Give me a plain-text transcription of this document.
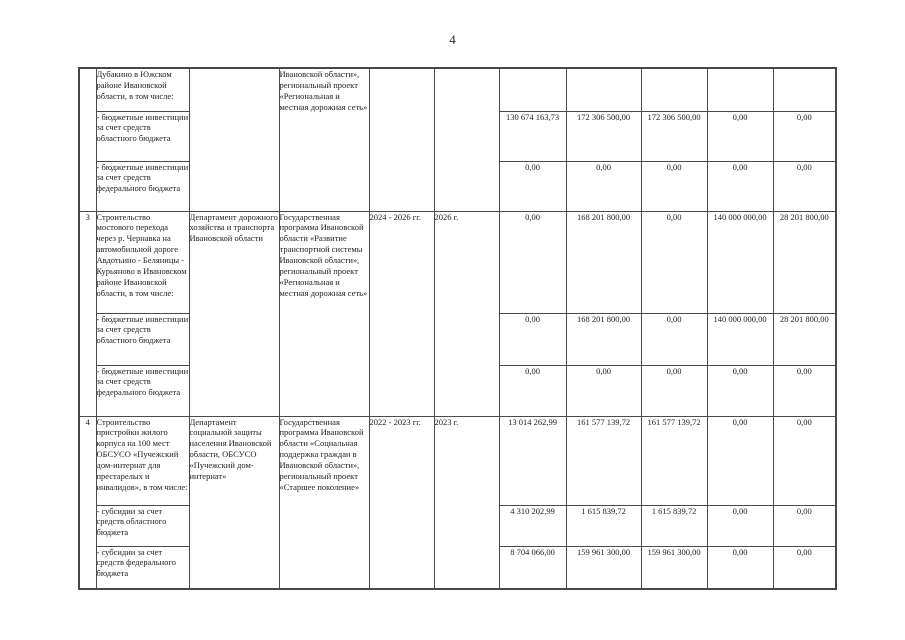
4
	Дубакино в Южском районе Ивановской области, в том числе:		Ивановской области», региональный проект «Региональная и местная дорожная сеть»							
	- бюджетные инвестиции за счет средств областного бюджета					130 674 163,73	172 306 500,00	172 306 500,00	0,00	0,00
	- бюджетные инвестиции за счет средств федерального бюджета					0,00	0,00	0,00	0,00	0,00
3	Строительство мостового перехода через р. Чернавка на автомобильной дороге Авдотьино - Беляницы - Курьяново в Ивановском районе Ивановской области, в том числе:	Департамент дорожного хозяйства и транспорта Ивановской области	Государственная программа Ивановской области «Развитие транспортной системы Ивановской области», региональный проект «Региональная и местная дорожная сеть»	2024 - 2026 гг.	2026 г.	0,00	168 201 800,00	0,00	140 000 000,00	28 201 800,00
	- бюджетные инвестиции за счет средств областного бюджета					0,00	168 201 800,00	0,00	140 000 000,00	28 201 800,00
	- бюджетные инвестиции за счет средств федерального бюджета					0,00	0,00	0,00	0,00	0,00
4	Строительство пристройки жилого корпуса на 100 мест ОБСУСО «Пучежский дом-интернат для престарелых и инвалидов», в том числе:	Департамент социальной защиты населения Ивановской области, ОБСУСО «Пучежский дом-интернат»	Государственная программа Ивановской области «Социальная поддержка граждан в Ивановской области», региональный проект «Старшее поколение»	2022 - 2023 гг.	2023 г.	13 014 262,99	161 577 139,72	161 577 139,72	0,00	0,00
	- субсидии за счет средств областного бюджета					4 310 202,99	1 615 839,72	1 615 839,72	0,00	0,00
	- субсидии за счет средств федерального бюджета					8 704 066,00	159 961 300,00	159 961 300,00	0,00	0,00
